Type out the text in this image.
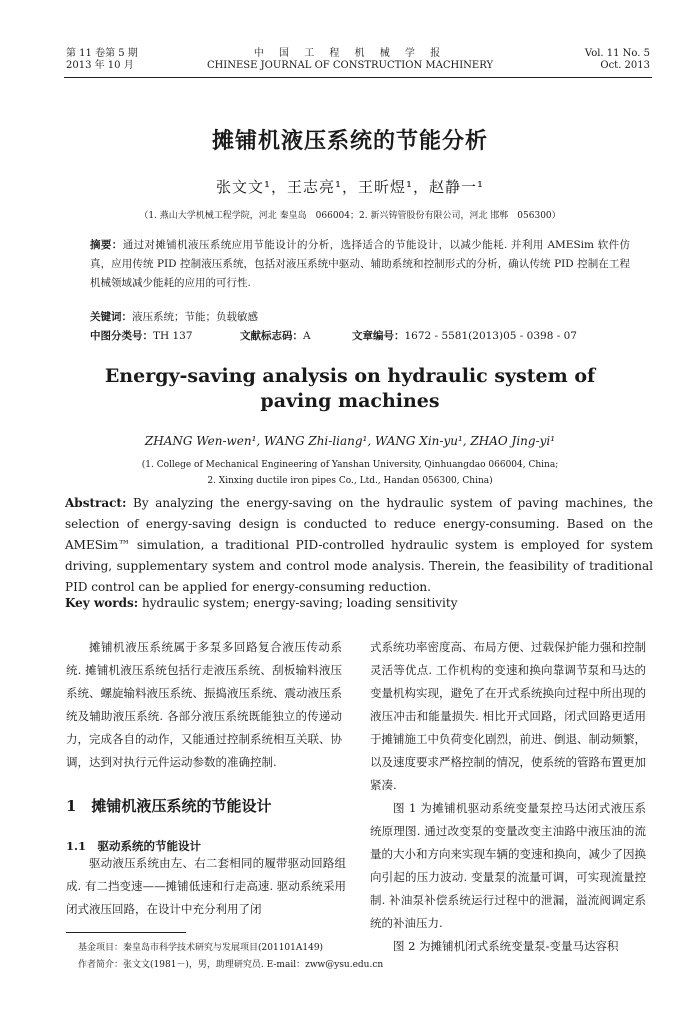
第 11 卷第 5 期
2013 年 10 月
中 国 工 程 机 械 学 报
CHINESE JOURNAL OF CONSTRUCTION MACHINERY
Vol. 11 No. 5
Oct. 2013
摊铺机液压系统的节能分析
张文文¹，王志亮¹，王昕煜¹，赵静一¹
（1. 燕山大学机械工程学院，河北 秦皇岛　066004；2. 新兴铸管股份有限公司，河北 邯郸　056300）
摘要：通过对摊铺机液压系统应用节能设计的分析，选择适合的节能设计，以减少能耗. 并利用 AMESim 软件仿真，应用传统 PID 控制液压系统，包括对液压系统中驱动、辅助系统和控制形式的分析，确认传统 PID 控制在工程机械领域减少能耗的应用的可行性.
关键词：液压系统；节能；负载敏感
中图分类号：TH 137	文献标志码：A	文章编号：1672 - 5581(2013)05 - 0398 - 07
Energy-saving analysis on hydraulic system of
paving machines
ZHANG Wen-wen¹, WANG Zhi-liang¹, WANG Xin-yu¹, ZHAO Jing-yi¹
(1. College of Mechanical Engineering of Yanshan University, Qinhuangdao 066004, China;
2. Xinxing ductile iron pipes Co., Ltd., Handan 056300, China)
Abstract: By analyzing the energy-saving on the hydraulic system of paving machines, the selection of energy-saving design is conducted to reduce energy-consuming. Based on the AMESim™ simulation, a traditional PID-controlled hydraulic system is employed for system driving, supplementary system and control mode analysis. Therein, the feasibility of traditional PID control can be applied for energy-consuming reduction.
Key words: hydraulic system; energy-saving; loading sensitivity

摊铺机液压系统属于多泵多回路复合液压传动系统. 摊铺机液压系统包括行走液压系统、刮板输料液压系统、螺旋输料液压系统、振捣液压系统、震动液压系统及辅助液压系统. 各部分液压系统既能独立的传递动力，完成各自的动作，又能通过控制系统相互关联、协调，达到对执行元件运动参数的准确控制.

1　摊铺机液压系统的节能设计
1.1　驱动系统的节能设计

驱动液压系统由左、右二套相同的履带驱动回路组成. 有二挡变速——摊铺低速和行走高速. 驱动系统采用闭式液压回路，在设计中充分利用了闭

式系统功率密度高、布局方便、过载保护能力强和控制灵活等优点. 工作机构的变速和换向靠调节泵和马达的变量机构实现，避免了在开式系统换向过程中所出现的液压冲击和能量损失. 相比开式回路，闭式回路更适用于摊铺施工中负荷变化剧烈，前进、倒退、制动频繁，以及速度要求严格控制的情况，使系统的管路布置更加紧凑.

图 1 为摊铺机驱动系统变量泵控马达闭式液压系统原理图. 通过改变泵的变量改变主油路中液压油的流量的大小和方向来实现车辆的变速和换向，减少了因换向引起的压力波动. 变量泵的流量可调，可实现流量控制. 补油泵补偿系统运行过程中的泄漏，溢流阀调定系统的补油压力.

图 2 为摊铺机闭式系统变量泵-变量马达容积

基金项目：秦皇岛市科学技术研究与发展项目(201101A149)
作者简介：张文文(1981－)，男，助理研究员. E-mail：zww@ysu.edu.cn
